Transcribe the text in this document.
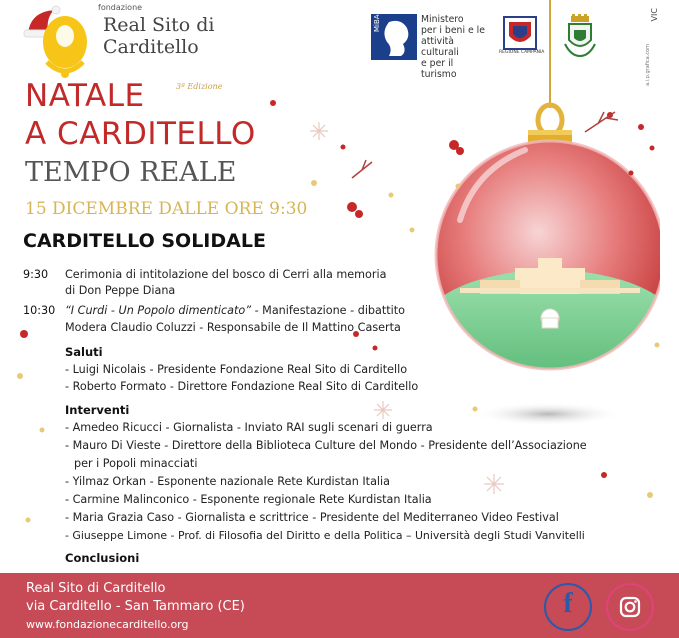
fondazione
Real Sito di
Carditello
MiBACT	Ministero
per i beni e le
attività culturali
e per il turismo
REGIONE CAMPANIA
VIC
a.i.p.grafica.com
NATALE	3ª Edizione
A CARDITELLO
TEMPO REALE
15 DICEMBRE DALLE ORE 9:30
CARDITELLO SOLIDALE
9:30 Cerimonia di intitolazione del bosco di Cerri alla memoria
di Don Peppe Diana
10:30 “I Curdi - Un Popolo dimenticato” - Manifestazione - dibattito
Modera Claudio Coluzzi - Responsabile de Il Mattino Caserta
Saluti
- Luigi Nicolais - Presidente Fondazione Real Sito di Carditello
- Roberto Formato - Direttore Fondazione Real Sito di Carditello
Interventi
- Amedeo Ricucci - Giornalista - Inviato RAI sugli scenari di guerra
- Mauro Di Vieste - Direttore della Biblioteca Culture del Mondo - Presidente dell’Associazione
per i Popoli minacciati
- Yilmaz Orkan - Esponente nazionale Rete Kurdistan Italia
- Carmine Malinconico - Esponente regionale Rete Kurdistan Italia
- Maria Grazia Caso - Giornalista e scrittrice - Presidente del Mediterraneo Video Festival
- Giuseppe Limone - Prof. di Filosofia del Diritto e della Politica – Università degli Studi Vanvitelli
Conclusioni
Real Sito di Carditello
via Carditello - San Tammaro (CE)
www.fondazionecarditello.org
f
